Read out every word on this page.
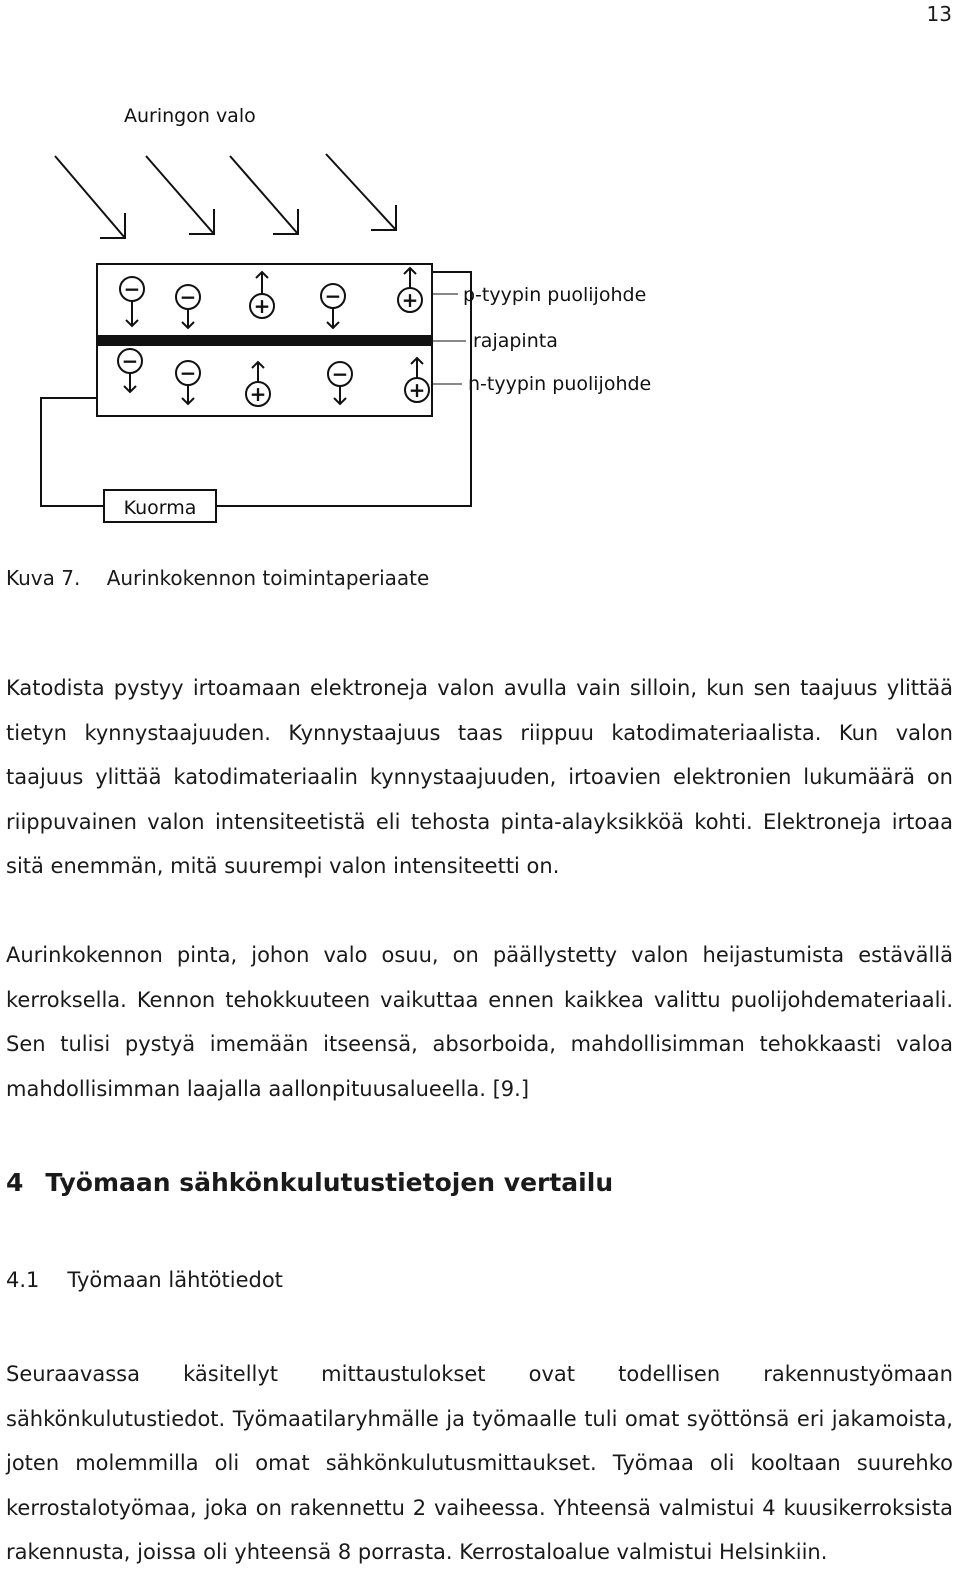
13
− −	+	−	+
− −
+
−
+
Auringon valo
p-tyypin puolijohde
rajapinta
n-tyypin puolijohde
Kuorma
Kuva 7. Aurinkokennon toimintaperiaate

Katodista pystyy irtoamaan elektroneja valon avulla vain silloin, kun sen taajuus ylittää tietyn kynnystaajuuden. Kynnystaajuus taas riippuu katodimateriaalista. Kun valon taajuus ylittää katodimateriaalin kynnystaajuuden, irtoavien elektronien lukumäärä on riippuvainen valon intensiteetistä eli tehosta pinta-alayksikköä kohti. Elektroneja irtoaa sitä enemmän, mitä suurempi valon intensiteetti on.

Aurinkokennon pinta, johon valo osuu, on päällystetty valon heijastumista estävällä kerroksella. Kennon tehokkuuteen vaikuttaa ennen kaikkea valittu puolijohdemateriaali. Sen tulisi pystyä imemään itseensä, absorboida, mahdollisimman tehokkaasti valoa mahdollisimman laajalla aallonpituusalueella. [9.]

4 Työmaan sähkönkulutustietojen vertailu
4.1 Työmaan lähtötiedot

Seuraavassa käsitellyt mittaustulokset ovat todellisen rakennustyömaan sähkönkulutustiedot. Työmaatilaryhmälle ja työmaalle tuli omat syöttönsä eri jakamoista, joten molemmilla oli omat sähkönkulutusmittaukset. Työmaa oli kooltaan suurehko kerrostalotyömaa, joka on rakennettu 2 vaiheessa. Yhteensä valmistui 4 kuusikerroksista rakennusta, joissa oli yhteensä 8 porrasta. Kerrostaloalue valmistui Helsinkiin.
